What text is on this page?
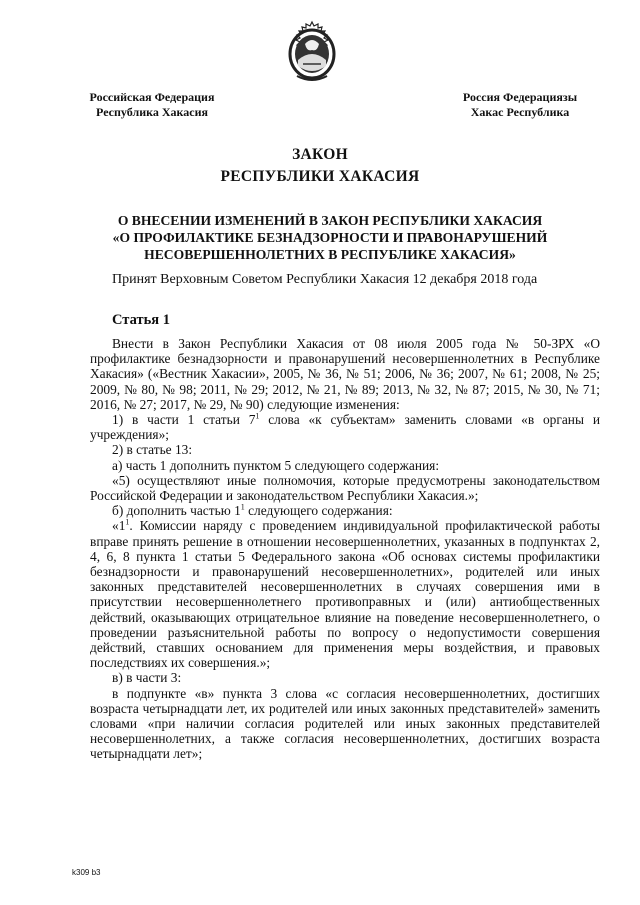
Российская Федерация
Республика Хакасия
Россия Федерациязы
Хакас Республика
ЗАКОН
РЕСПУБЛИКИ ХАКАСИЯ
О ВНЕСЕНИИ ИЗМЕНЕНИЙ В ЗАКОН РЕСПУБЛИКИ ХАКАСИЯ
«О ПРОФИЛАКТИКЕ БЕЗНАДЗОРНОСТИ И ПРАВОНАРУШЕНИЙ
НЕСОВЕРШЕННОЛЕТНИХ В РЕСПУБЛИКЕ ХАКАСИЯ»
Принят Верховным Советом Республики Хакасия 12 декабря 2018 года
Статья 1

Внести в Закон Республики Хакасия от 08 июля 2005 года № 50-ЗРХ «О профилактике безнадзорности и правонарушений несовершеннолетних в Республике Хакасия» («Вестник Хакасии», 2005, № 36, № 51; 2006, № 36; 2007, № 61; 2008, № 25; 2009, № 80, № 98; 2011, № 29; 2012, № 21, № 89; 2013, № 32, № 87; 2015, № 30, № 71; 2016, № 27; 2017, № 29, № 90) следующие изменения:

1) в части 1 статьи $7^1$ слова «к субъектам» заменить словами «в органы и учреждения»;

2) в статье 13:

а) часть 1 дополнить пунктом 5 следующего содержания:

«5) осуществляют иные полномочия, которые предусмотрены законодательством Российской Федерации и законодательством Республики Хакасия.»;

б) дополнить частью $1^1$ следующего содержания:

«$1^1$. Комиссии наряду с проведением индивидуальной профилактической работы вправе принять решение в отношении несовершеннолетних, указанных в подпунктах 2, 4, 6, 8 пункта 1 статьи 5 Федерального закона «Об основах системы профилактики безнадзорности и правонарушений несовершеннолетних», родителей или иных законных представителей несовершеннолетних в случаях совершения ими в присутствии несовершеннолетнего противоправных и (или) антиобщественных действий, оказывающих отрицательное влияние на поведение несовершеннолетнего, о проведении разъяснительной работы по вопросу о недопустимости совершения действий, ставших основанием для применения меры воздействия, и правовых последствиях их совершения.»;

в) в части 3:

в подпункте «в» пункта 3 слова «с согласия несовершеннолетних, достигших возраста четырнадцати лет, их родителей или иных законных представителей» заменить словами «при наличии согласия родителей или иных законных представителей несовершеннолетних, а также согласия несовершеннолетних, достигших возраста четырнадцати лет»;

k309 b3
